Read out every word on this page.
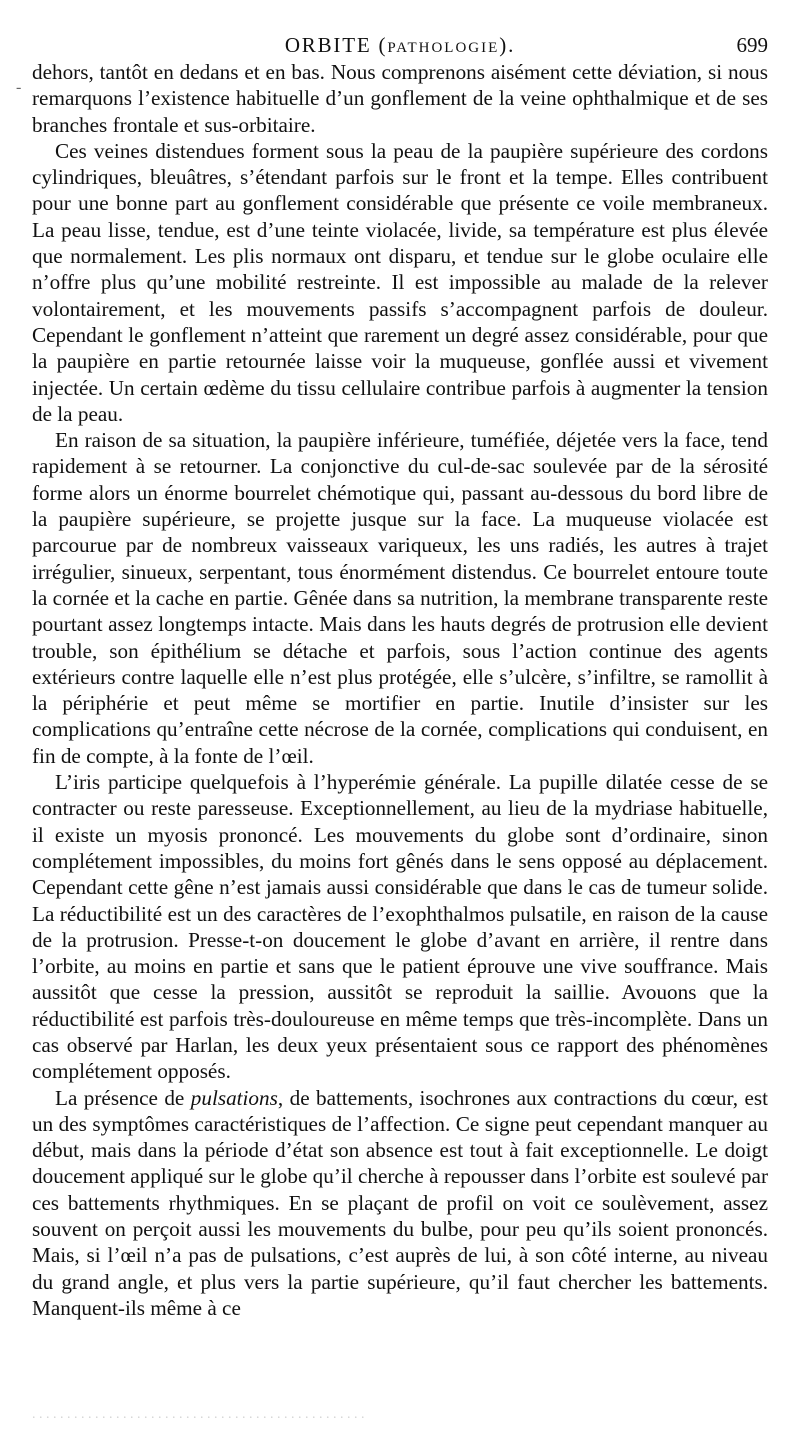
ORBITE (PATHOLOGIE).	699
-

dehors, tantôt en dedans et en bas. Nous comprenons aisément cette déviation, si nous remarquons l’existence habituelle d’un gonflement de la veine ophthalmique et de ses branches frontale et sus-orbitaire.

Ces veines distendues forment sous la peau de la paupière supérieure des cordons cylindriques, bleuâtres, s’étendant parfois sur le front et la tempe. Elles contribuent pour une bonne part au gonflement considérable que présente ce voile membraneux. La peau lisse, tendue, est d’une teinte violacée, livide, sa température est plus élevée que normalement. Les plis normaux ont disparu, et tendue sur le globe oculaire elle n’offre plus qu’une mobilité restreinte. Il est impossible au malade de la relever volontairement, et les mouvements passifs s’accompagnent parfois de douleur. Cependant le gonflement n’atteint que rarement un degré assez considérable, pour que la paupière en partie retournée laisse voir la muqueuse, gonflée aussi et vivement injectée. Un certain œdème du tissu cellulaire contribue parfois à augmenter la tension de la peau.

En raison de sa situation, la paupière inférieure, tuméfiée, déjetée vers la face, tend rapidement à se retourner. La conjonctive du cul-de-sac soulevée par de la sérosité forme alors un énorme bourrelet chémotique qui, passant au-dessous du bord libre de la paupière supérieure, se projette jusque sur la face. La muqueuse violacée est parcourue par de nombreux vaisseaux variqueux, les uns radiés, les autres à trajet irrégulier, sinueux, serpentant, tous énormément distendus. Ce bourrelet entoure toute la cornée et la cache en partie. Gênée dans sa nutrition, la membrane transparente reste pourtant assez longtemps intacte. Mais dans les hauts degrés de protrusion elle devient trouble, son épithélium se détache et parfois, sous l’action continue des agents extérieurs contre laquelle elle n’est plus protégée, elle s’ulcère, s’infiltre, se ramollit à la périphérie et peut même se mortifier en partie. Inutile d’insister sur les complications qu’entraîne cette nécrose de la cornée, complications qui conduisent, en fin de compte, à la fonte de l’œil.

L’iris participe quelquefois à l’hyperémie générale. La pupille dilatée cesse de se contracter ou reste paresseuse. Exceptionnellement, au lieu de la mydriase habituelle, il existe un myosis prononcé. Les mouvements du globe sont d’ordinaire, sinon complétement impossibles, du moins fort gênés dans le sens opposé au déplacement. Cependant cette gêne n’est jamais aussi considérable que dans le cas de tumeur solide. La réductibilité est un des caractères de l’exophthalmos pulsatile, en raison de la cause de la protrusion. Presse-t-on doucement le globe d’avant en arrière, il rentre dans l’orbite, au moins en partie et sans que le patient éprouve une vive souffrance. Mais aussitôt que cesse la pression, aussitôt se reproduit la saillie. Avouons que la réductibilité est parfois très-douloureuse en même temps que très-incomplète. Dans un cas observé par Harlan, les deux yeux présentaient sous ce rapport des phénomènes complétement opposés.

La présence de pulsations, de battements, isochrones aux contractions du cœur, est un des symptômes caractéristiques de l’affection. Ce signe peut cependant manquer au début, mais dans la période d’état son absence est tout à fait exceptionnelle. Le doigt doucement appliqué sur le globe qu’il cherche à repousser dans l’orbite est soulevé par ces battements rhythmiques. En se plaçant de profil on voit ce soulèvement, assez souvent on perçoit aussi les mouvements du bulbe, pour peu qu’ils soient prononcés. Mais, si l’œil n’a pas de pulsations, c’est auprès de lui, à son côté interne, au niveau du grand angle, et plus vers la partie supérieure, qu’il faut chercher les battements. Manquent-ils même à ce

. . . . . . . . . . . . . . . . . . . . . . . . . . . . . . . . . . . . . . . . . . . . . . . .
